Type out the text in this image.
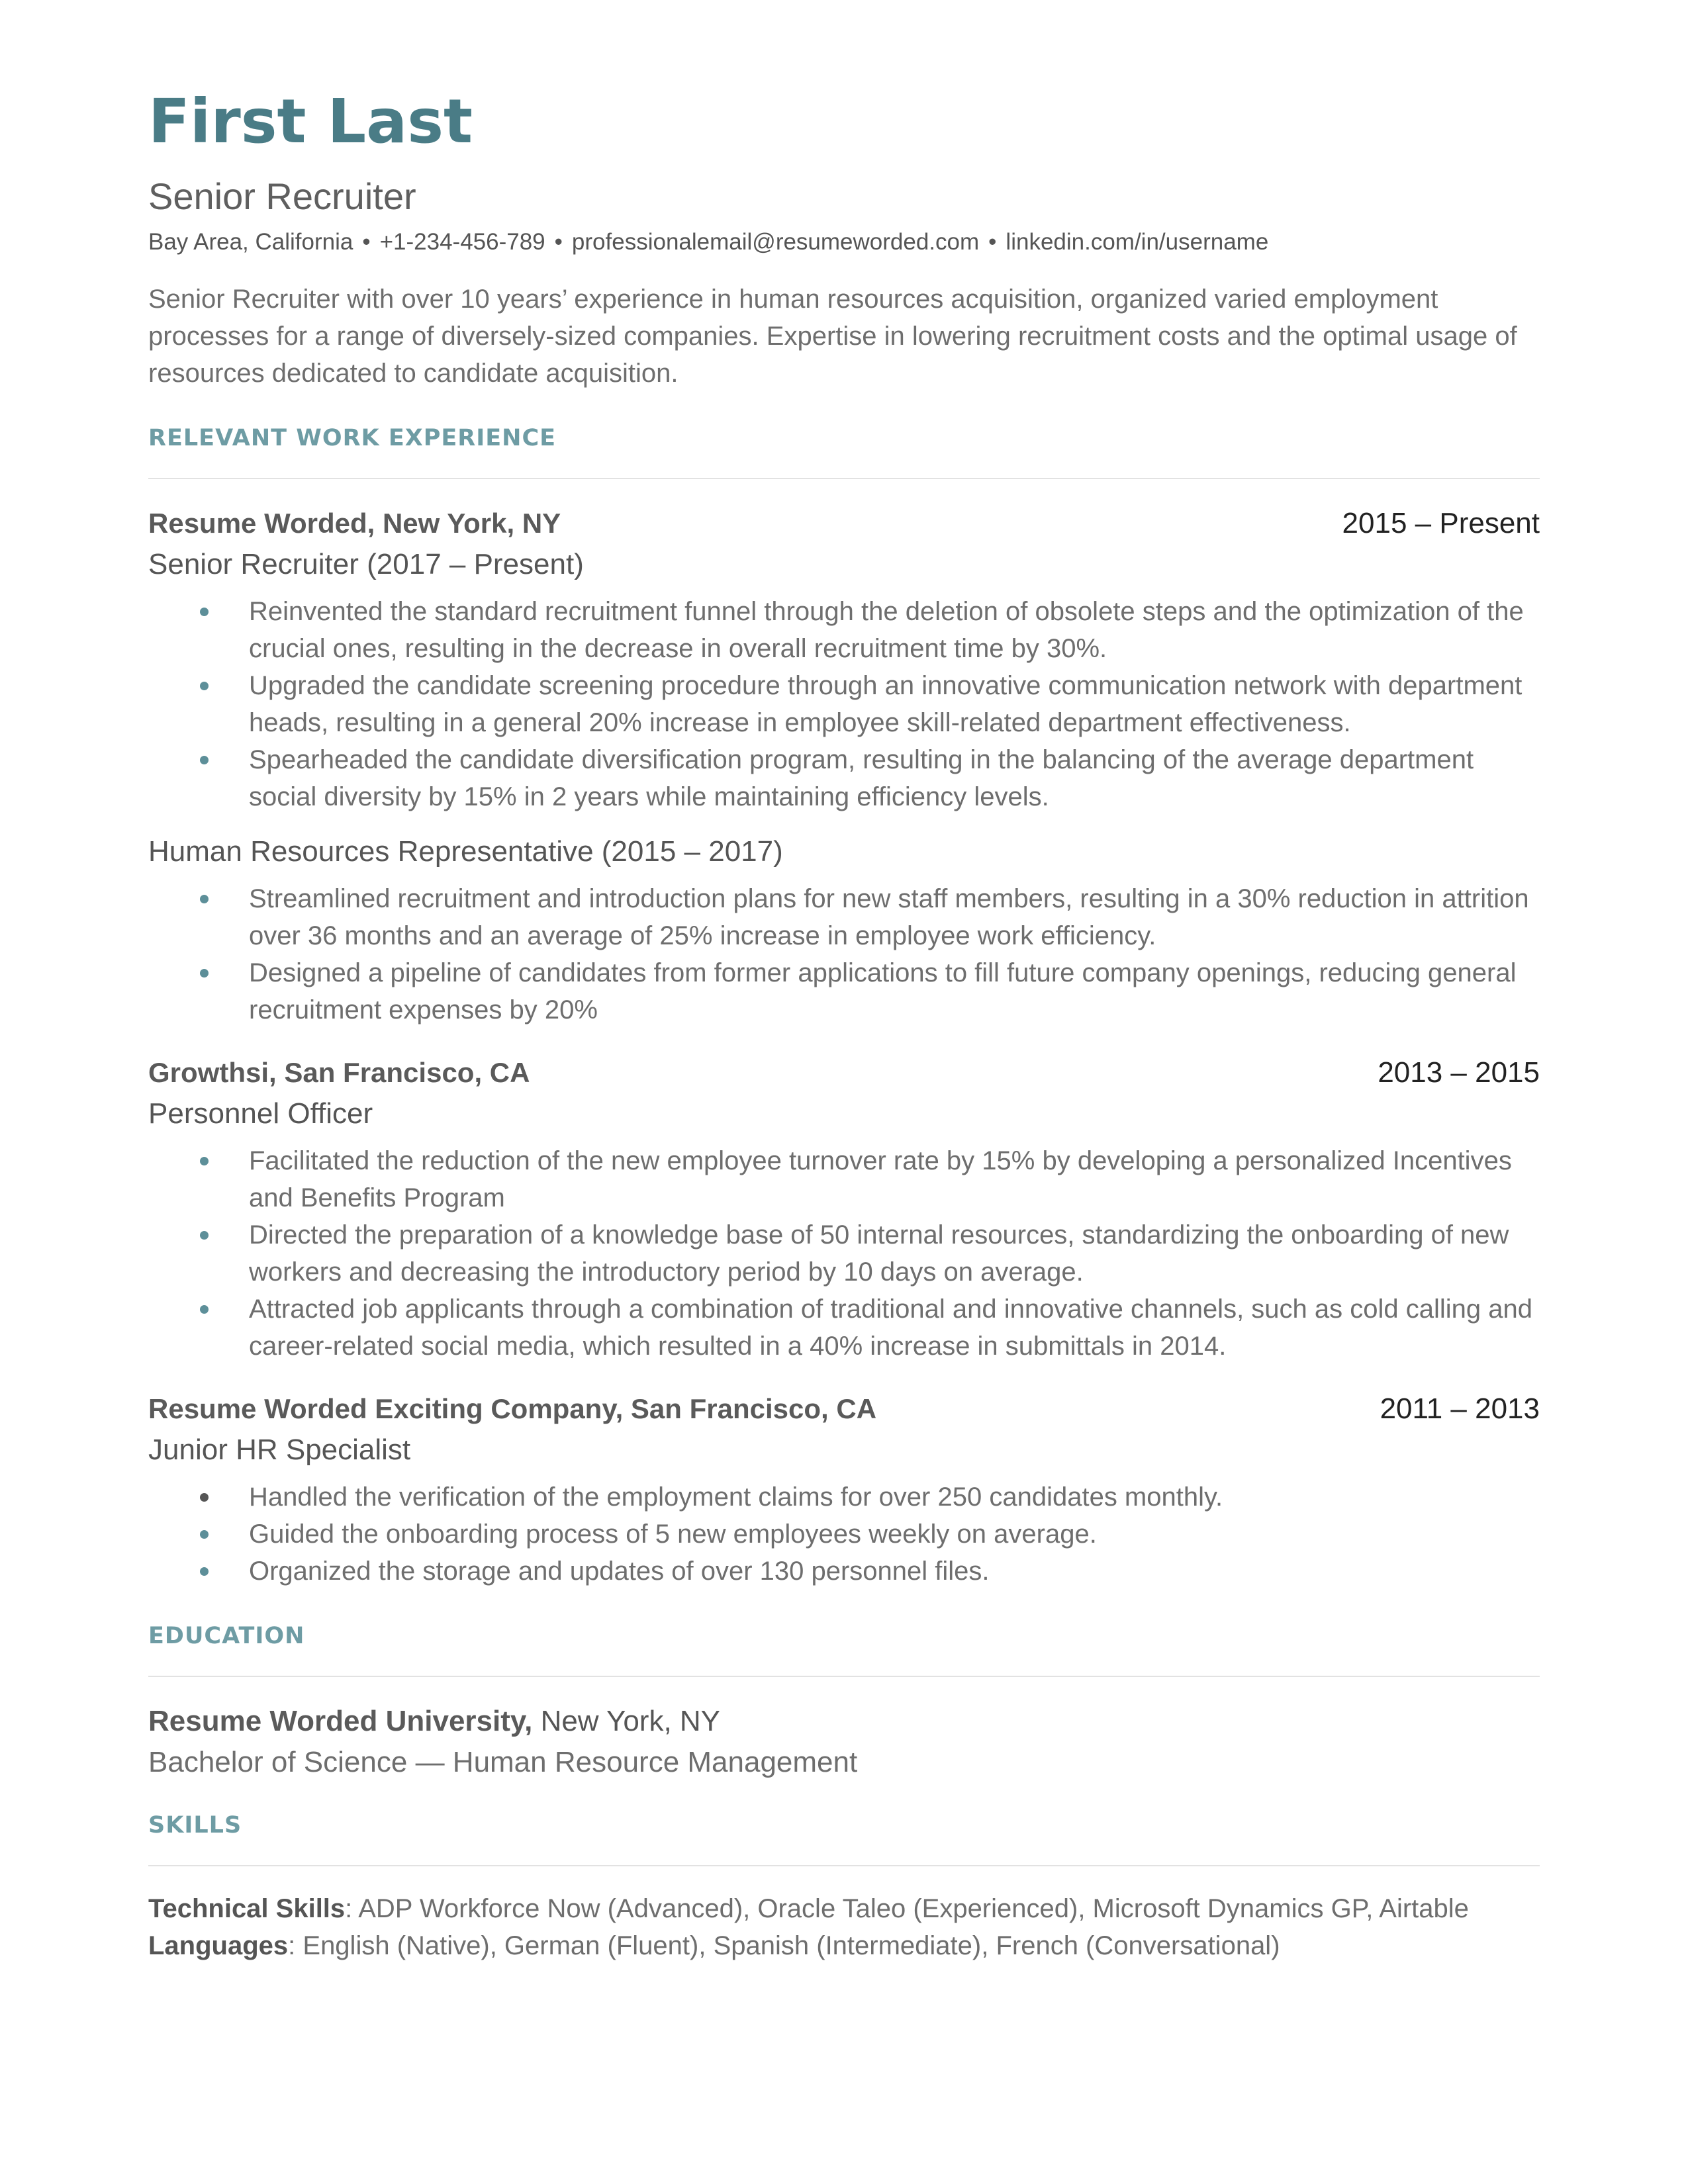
First Last
Senior Recruiter
Bay Area, California • +1-234-456-789 • professionalemail@resumeworded.com • linkedin.com/in/username
Senior Recruiter with over 10 years’ experience in human resources acquisition, organized varied employment processes for a range of diversely-sized companies. Expertise in lowering recruitment costs and the optimal usage of resources dedicated to candidate acquisition.
RELEVANT WORK EXPERIENCE
Resume Worded, New York, NY	2015 – Present
Senior Recruiter (2017 – Present)
Reinvented the standard recruitment funnel through the deletion of obsolete steps and the optimization of the crucial ones, resulting in the decrease in overall recruitment time by 30%.
Upgraded the candidate screening procedure through an innovative communication network with department heads, resulting in a general 20% increase in employee skill-related department effectiveness.
Spearheaded the candidate diversification program, resulting in the balancing of the average department social diversity by 15% in 2 years while maintaining efficiency levels.
Human Resources Representative (2015 – 2017)
Streamlined recruitment and introduction plans for new staff members, resulting in a 30% reduction in attrition over 36 months and an average of 25% increase in employee work efficiency.
Designed a pipeline of candidates from former applications to fill future company openings, reducing general recruitment expenses by 20%
Growthsi, San Francisco, CA	2013 – 2015
Personnel Officer
Facilitated the reduction of the new employee turnover rate by 15% by developing a personalized Incentives and Benefits Program
Directed the preparation of a knowledge base of 50 internal resources, standardizing the onboarding of new workers and decreasing the introductory period by 10 days on average.
Attracted job applicants through a combination of traditional and innovative channels, such as cold calling and career-related social media, which resulted in a 40% increase in submittals in 2014.
Resume Worded Exciting Company, San Francisco, CA	2011 – 2013
Junior HR Specialist
Handled the verification of the employment claims for over 250 candidates monthly.
Guided the onboarding process of 5 new employees weekly on average.
Organized the storage and updates of over 130 personnel files.
EDUCATION
Resume Worded University, New York, NY
Bachelor of Science — Human Resource Management
SKILLS
Technical Skills: ADP Workforce Now (Advanced), Oracle Taleo (Experienced), Microsoft Dynamics GP, Airtable
Languages: English (Native), German (Fluent), Spanish (Intermediate), French (Conversational)
